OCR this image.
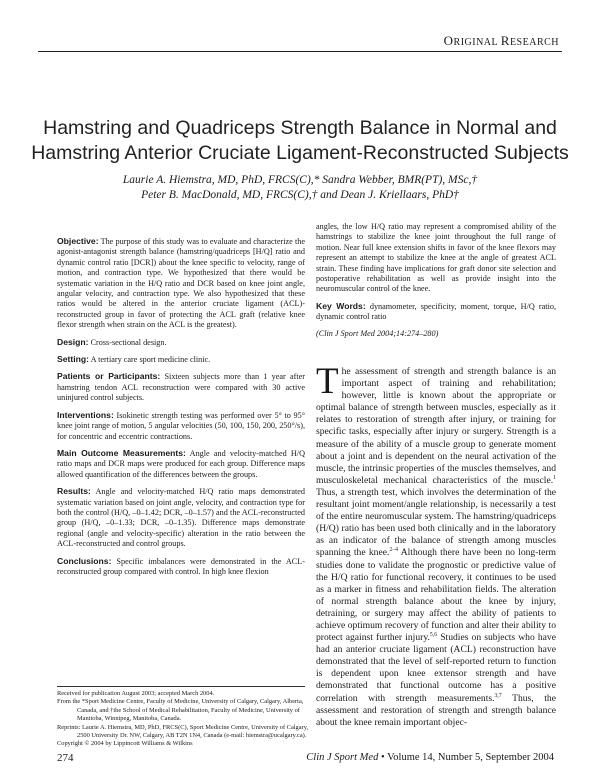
ORIGINAL RESEARCH
Hamstring and Quadriceps Strength Balance in Normal and
Hamstring Anterior Cruciate Ligament-Reconstructed Subjects
Laurie A. Hiemstra, MD, PhD, FRCS(C),* Sandra Webber, BMR(PT), MSc,†
Peter B. MacDonald, MD, FRCS(C),† and Dean J. Kriellaars, PhD†

Objective: The purpose of this study was to evaluate and characterize the agonist-antagonist strength balance (hamstring/quadriceps [H/Q] ratio and dynamic control ratio [DCR]) about the knee specific to velocity, range of motion, and contraction type. We hypothesized that there would be systematic variation in the H/Q ratio and DCR based on knee joint angle, angular velocity, and contraction type. We also hypothesized that these ratios would be altered in the anterior cruciate ligament (ACL)-reconstructed group in favor of protecting the ACL graft (relative knee flexor strength when strain on the ACL is the greatest).

Design: Cross-sectional design.

Setting: A tertiary care sport medicine clinic.

Patients or Participants: Sixteen subjects more than 1 year after hamstring tendon ACL reconstruction were compared with 30 active uninjured control subjects.

Interventions: Isokinetic strength testing was performed over 5° to 95° knee joint range of motion, 5 angular velocities (50, 100, 150, 200, 250°/s), for concentric and eccentric contractions.

Main Outcome Measurements: Angle and velocity-matched H/Q ratio maps and DCR maps were produced for each group. Difference maps allowed quantification of the differences between the groups.

Results: Angle and velocity-matched H/Q ratio maps demonstrated systematic variation based on joint angle, velocity, and contraction type for both the control (H/Q, –0–1.42; DCR, –0–1.57) and the ACL-reconstructed group (H/Q, –0–1.33; DCR, –0–1.35). Difference maps demonstrate regional (angle and velocity-specific) alteration in the ratio between the ACL-reconstructed and control groups.

Conclusions: Specific imbalances were demonstrated in the ACL-reconstructed group compared with control. In high knee flexion

angles, the low H/Q ratio may represent a compromised ability of the hamstrings to stabilize the knee joint throughout the full range of motion. Near full knee extension shifts in favor of the knee flexors may represent an attempt to stabilize the knee at the angle of greatest ACL strain. These finding have implications for graft donor site selection and postoperative rehabilitation as well as provide insight into the neuromuscular control of the knee.

Key Words: dynamometer, specificity, moment, torque, H/Q ratio, dynamic control ratio

(Clin J Sport Med 2004;14:274–280)

The assessment of strength and strength balance is an important aspect of training and rehabilitation; however, little is known about the appropriate or optimal balance of strength between muscles, especially as it relates to restoration of strength after injury, or training for specific tasks, especially after injury or surgery. Strength is a measure of the ability of a muscle group to generate moment about a joint and is dependent on the neural activation of the muscle, the intrinsic properties of the muscles themselves, and musculoskeletal mechanical characteristics of the muscle.$^1$ Thus, a strength test, which involves the determination of the resultant joint moment/angle relationship, is necessarily a test of the entire neuromuscular system. The hamstring/quadriceps (H/Q) ratio has been used both clinically and in the laboratory as an indicator of the balance of strength among muscles spanning the knee.$^{2-4}$ Although there have been no long-term studies done to validate the prognostic or predictive value of the H/Q ratio for functional recovery, it continues to be used as a marker in fitness and rehabilitation fields. The alteration of normal strength balance about the knee by injury, detraining, or surgery may affect the ability of patients to achieve optimum recovery of function and alter their ability to protect against further injury.$^{5,6}$ Studies on subjects who have had an anterior cruciate ligament (ACL) reconstruction have demonstrated that the level of self-reported return to function is dependent upon knee extensor strength and have demonstrated that functional outcome has a positive correlation with strength measurements.$^{3,7}$ Thus, the assessment and restoration of strength and strength balance about the knee remain important objec-

Received for publication August 2003; accepted March 2004.

From the *Sport Medicine Centre, Faculty of Medicine, University of Calgary, Calgary, Alberta, Canada, and †the School of Medical Rehabilitation, Faculty of Medicine, University of Manitoba, Winnipeg, Manitoba, Canada.

Reprints: Laurie A. Hiemstra, MD, PhD, FRCS(C), Sport Medicine Centre, University of Calgary, 2500 University Dr. NW, Calgary, AB T2N 1N4, Canada (e-mail: hiemstra@ucalgary.ca).

Copyright © 2004 by Lippincott Williams & Wilkins

274	Clin J Sport Med • Volume 14, Number 5, September 2004
